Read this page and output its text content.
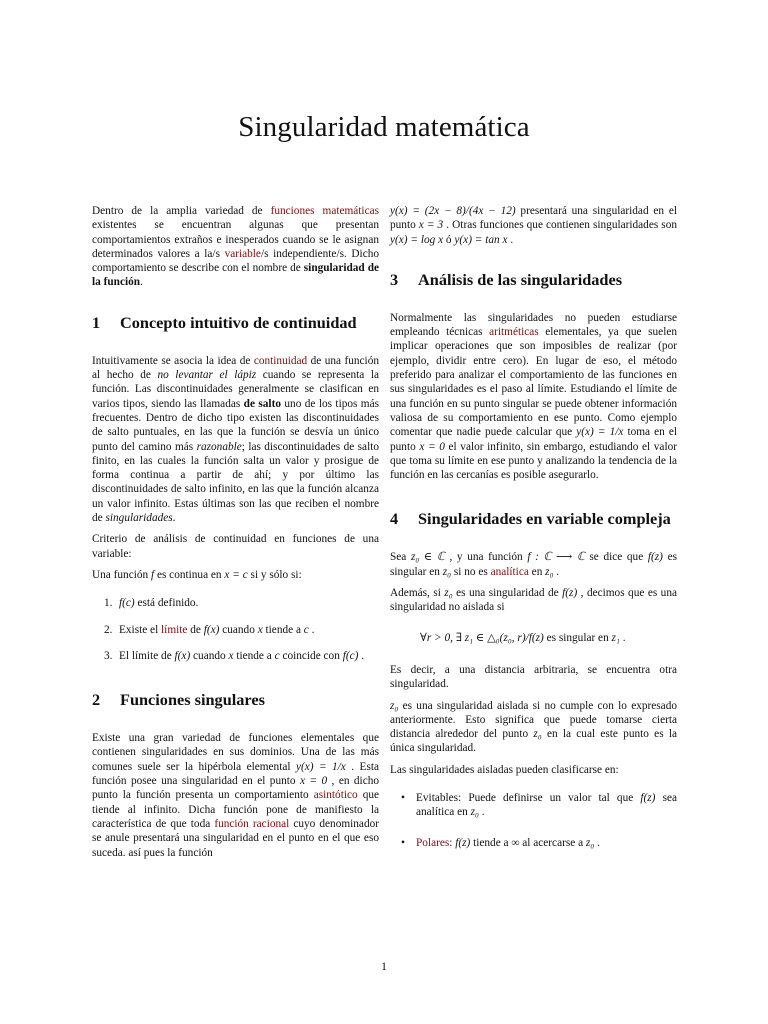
Singularidad matemática

Dentro de la amplia variedad de funciones matemáticas existentes se encuentran algunas que presentan comportamientos extraños e inesperados cuando se le asignan determinados valores a la/s variable/s independiente/s. Dicho comportamiento se describe con el nombre de singularidad de la función.

1 Concepto intuitivo de continuidad

Intuitivamente se asocia la idea de continuidad de una función al hecho de no levantar el lápiz cuando se representa la función. Las discontinuidades generalmente se clasifican en varios tipos, siendo las llamadas de salto uno de los tipos más frecuentes. Dentro de dicho tipo existen las discontinuidades de salto puntuales, en las que la función se desvía un único punto del camino más razonable; las discontinuidades de salto finito, en las cuales la función salta un valor y prosigue de forma continua a partir de ahí; y por último las discontinuidades de salto infinito, en las que la función alcanza un valor infinito. Estas últimas son las que reciben el nombre de singularidades.

Criterio de análisis de continuidad en funciones de una variable:

Una función f es continua en x = c si y sólo si:

1. f(c) está definido.
2. Existe el límite de f(x) cuando x tiende a c .
3. El límite de f(x) cuando x tiende a c coincide con f(c) .
2 Funciones singulares

Existe una gran variedad de funciones elementales que contienen singularidades en sus dominios. Una de las más comunes suele ser la hipérbola elemental y(x) = 1/x . Esta función posee una singularidad en el punto x = 0 , en dicho punto la función presenta un comportamiento asintótico que tiende al infinito. Dicha función pone de manifiesto la característica de que toda función racional cuyo denominador se anule presentará una singularidad en el punto en el que eso suceda. así pues la función

y(x) = (2x − 8)/(4x − 12) presentará una singularidad en el punto x = 3 . Otras funciones que contienen singularidades son y(x) = log x ó y(x) = tan x .

3 Análisis de las singularidades

Normalmente las singularidades no pueden estudiarse empleando técnicas aritméticas elementales, ya que suelen implicar operaciones que son imposibles de realizar (por ejemplo, dividir entre cero). En lugar de eso, el método preferido para analizar el comportamiento de las funciones en sus singularidades es el paso al límite. Estudiando el límite de una función en su punto singular se puede obtener información valiosa de su comportamiento en ese punto. Como ejemplo comentar que nadie puede calcular que y(x) = 1/x toma en el punto x = 0 el valor infinito, sin embargo, estudiando el valor que toma su límite en ese punto y analizando la tendencia de la función en las cercanías es posible asegurarlo.

4 Singularidades en variable compleja

Sea z₀ ∈ ℂ , y una función f : ℂ ⟶ ℂ se dice que f(z) es singular en z₀ si no es analítica en z₀ .

Además, si z₀ es una singularidad de f(z) , decimos que es una singularidad no aislada si

∀r > 0, ∃ z₁ ∈ △₀(z₀, r)/f(z) es singular en z₁ .

Es decir, a una distancia arbitraria, se encuentra otra singularidad.

z₀ es una singularidad aislada si no cumple con lo expresado anteriormente. Esto significa que puede tomarse cierta distancia alrededor del punto z₀ en la cual este punto es la única singularidad.

Las singularidades aisladas pueden clasificarse en:

• Evitables: Puede definirse un valor tal que f(z) sea analítica en z₀ .
• Polares: f(z) tiende a ∞ al acercarse a z₀ .
1
